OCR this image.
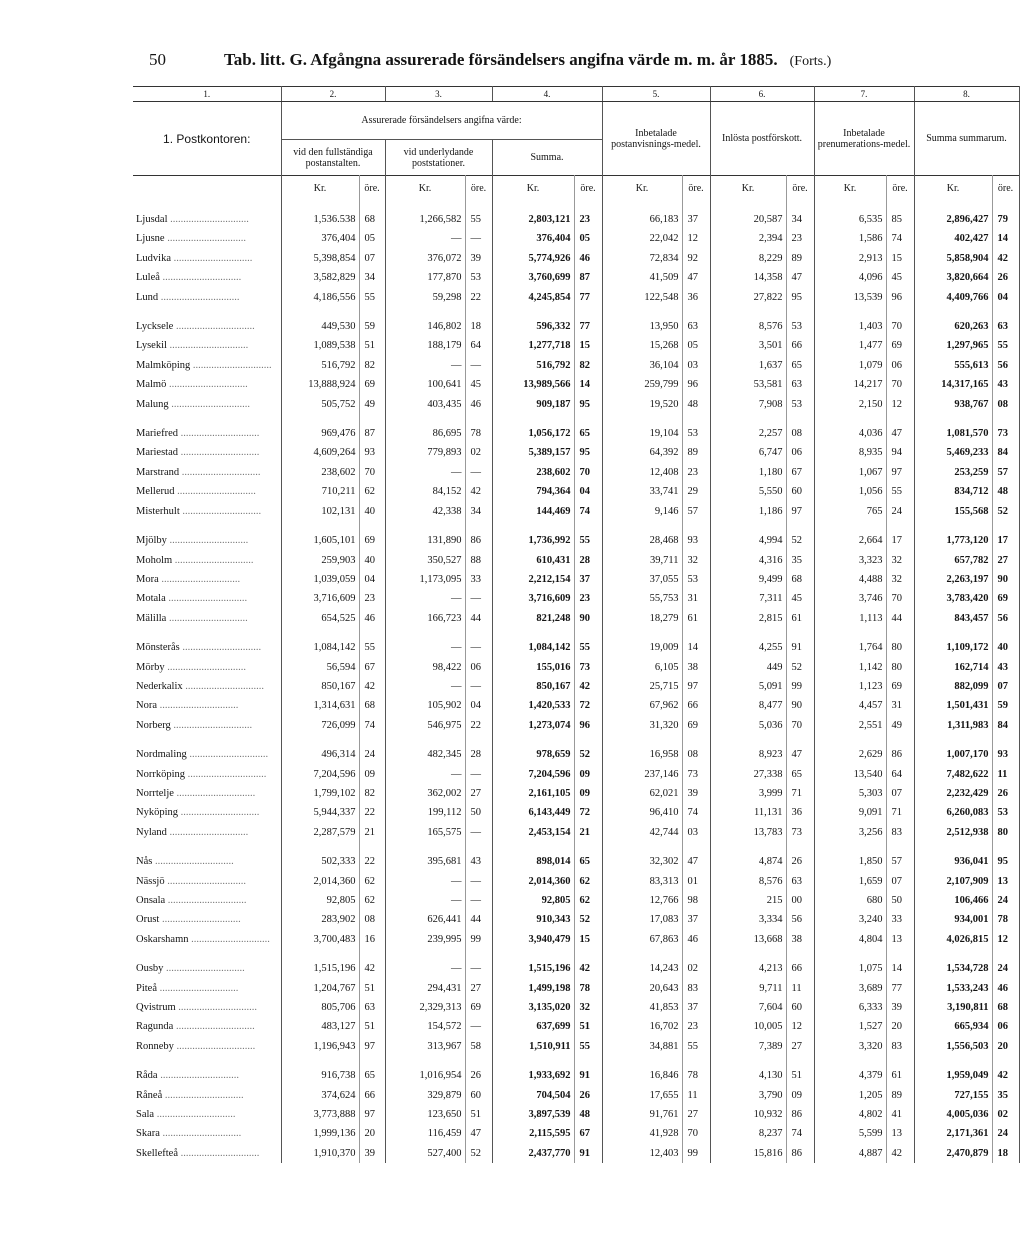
50	Tab. litt. G. Afgångna assurerade försändelsers angifna värde m. m. år 1885. (Forts.)
1.	2.		3.		4.		5.		6.		7.		8.	
1. Postkontoren:	Assurerade försändelsers angifna värde:						Inbetalade postanvisnings-medel.		Inlösta postförskott.		Inbetalade prenumerations-medel.		Summa summarum.	
	vid den fullständiga postanstalten.		vid underlydande poststationer.		Summa.									
	Kr.	öre.	Kr.	öre.	Kr.	öre.	Kr.	öre.	Kr.	öre.	Kr.	öre.	Kr.	öre.

Ljusdal ..............................	1,536.538	68	1,266,582	55	2,803,121	23	66,183	37	20,587	34	6,535	85	2,896,427	79
Ljusne ..............................	376,404	05	—	—	376,404	05	22,042	12	2,394	23	1,586	74	402,427	14
Ludvika ..............................	5,398,854	07	376,072	39	5,774,926	46	72,834	92	8,229	89	2,913	15	5,858,904	42
Luleå ..............................	3,582,829	34	177,870	53	3,760,699	87	41,509	47	14,358	47	4,096	45	3,820,664	26
Lund ..............................	4,186,556	55	59,298	22	4,245,854	77	122,548	36	27,822	95	13,539	96	4,409,766	04

Lycksele ..............................	449,530	59	146,802	18	596,332	77	13,950	63	8,576	53	1,403	70	620,263	63
Lysekil ..............................	1,089,538	51	188,179	64	1,277,718	15	15,268	05	3,501	66	1,477	69	1,297,965	55
Malmköping ..............................	516,792	82	—	—	516,792	82	36,104	03	1,637	65	1,079	06	555,613	56
Malmö ..............................	13,888,924	69	100,641	45	13,989,566	14	259,799	96	53,581	63	14,217	70	14,317,165	43
Malung ..............................	505,752	49	403,435	46	909,187	95	19,520	48	7,908	53	2,150	12	938,767	08

Mariefred ..............................	969,476	87	86,695	78	1,056,172	65	19,104	53	2,257	08	4,036	47	1,081,570	73
Mariestad ..............................	4,609,264	93	779,893	02	5,389,157	95	64,392	89	6,747	06	8,935	94	5,469,233	84
Marstrand ..............................	238,602	70	—	—	238,602	70	12,408	23	1,180	67	1,067	97	253,259	57
Mellerud ..............................	710,211	62	84,152	42	794,364	04	33,741	29	5,550	60	1,056	55	834,712	48
Misterhult ..............................	102,131	40	42,338	34	144,469	74	9,146	57	1,186	97	765	24	155,568	52

Mjölby ..............................	1,605,101	69	131,890	86	1,736,992	55	28,468	93	4,994	52	2,664	17	1,773,120	17
Moholm ..............................	259,903	40	350,527	88	610,431	28	39,711	32	4,316	35	3,323	32	657,782	27
Mora ..............................	1,039,059	04	1,173,095	33	2,212,154	37	37,055	53	9,499	68	4,488	32	2,263,197	90
Motala ..............................	3,716,609	23	—	—	3,716,609	23	55,753	31	7,311	45	3,746	70	3,783,420	69
Mälilla ..............................	654,525	46	166,723	44	821,248	90	18,279	61	2,815	61	1,113	44	843,457	56

Mönsterås ..............................	1,084,142	55	—	—	1,084,142	55	19,009	14	4,255	91	1,764	80	1,109,172	40
Mörby ..............................	56,594	67	98,422	06	155,016	73	6,105	38	449	52	1,142	80	162,714	43
Nederkalix ..............................	850,167	42	—	—	850,167	42	25,715	97	5,091	99	1,123	69	882,099	07
Nora ..............................	1,314,631	68	105,902	04	1,420,533	72	67,962	66	8,477	90	4,457	31	1,501,431	59
Norberg ..............................	726,099	74	546,975	22	1,273,074	96	31,320	69	5,036	70	2,551	49	1,311,983	84

Nordmaling ..............................	496,314	24	482,345	28	978,659	52	16,958	08	8,923	47	2,629	86	1,007,170	93
Norrköping ..............................	7,204,596	09	—	—	7,204,596	09	237,146	73	27,338	65	13,540	64	7,482,622	11
Norrtelje ..............................	1,799,102	82	362,002	27	2,161,105	09	62,021	39	3,999	71	5,303	07	2,232,429	26
Nyköping ..............................	5,944,337	22	199,112	50	6,143,449	72	96,410	74	11,131	36	9,091	71	6,260,083	53
Nyland ..............................	2,287,579	21	165,575	—	2,453,154	21	42,744	03	13,783	73	3,256	83	2,512,938	80

Nås ..............................	502,333	22	395,681	43	898,014	65	32,302	47	4,874	26	1,850	57	936,041	95
Nässjö ..............................	2,014,360	62	—	—	2,014,360	62	83,313	01	8,576	63	1,659	07	2,107,909	13
Onsala ..............................	92,805	62	—	—	92,805	62	12,766	98	215	00	680	50	106,466	24
Orust ..............................	283,902	08	626,441	44	910,343	52	17,083	37	3,334	56	3,240	33	934,001	78
Oskarshamn ..............................	3,700,483	16	239,995	99	3,940,479	15	67,863	46	13,668	38	4,804	13	4,026,815	12

Ousby ..............................	1,515,196	42	—	—	1,515,196	42	14,243	02	4,213	66	1,075	14	1,534,728	24
Piteå ..............................	1,204,767	51	294,431	27	1,499,198	78	20,643	83	9,711	11	3,689	77	1,533,243	46
Qvistrum ..............................	805,706	63	2,329,313	69	3,135,020	32	41,853	37	7,604	60	6,333	39	3,190,811	68
Ragunda ..............................	483,127	51	154,572	—	637,699	51	16,702	23	10,005	12	1,527	20	665,934	06
Ronneby ..............................	1,196,943	97	313,967	58	1,510,911	55	34,881	55	7,389	27	3,320	83	1,556,503	20

Råda ..............................	916,738	65	1,016,954	26	1,933,692	91	16,846	78	4,130	51	4,379	61	1,959,049	42
Råneå ..............................	374,624	66	329,879	60	704,504	26	17,655	11	3,790	09	1,205	89	727,155	35
Sala ..............................	3,773,888	97	123,650	51	3,897,539	48	91,761	27	10,932	86	4,802	41	4,005,036	02
Skara ..............................	1,999,136	20	116,459	47	2,115,595	67	41,928	70	8,237	74	5,599	13	2,171,361	24
Skellefteå ..............................	1,910,370	39	527,400	52	2,437,770	91	12,403	99	15,816	86	4,887	42	2,470,879	18
